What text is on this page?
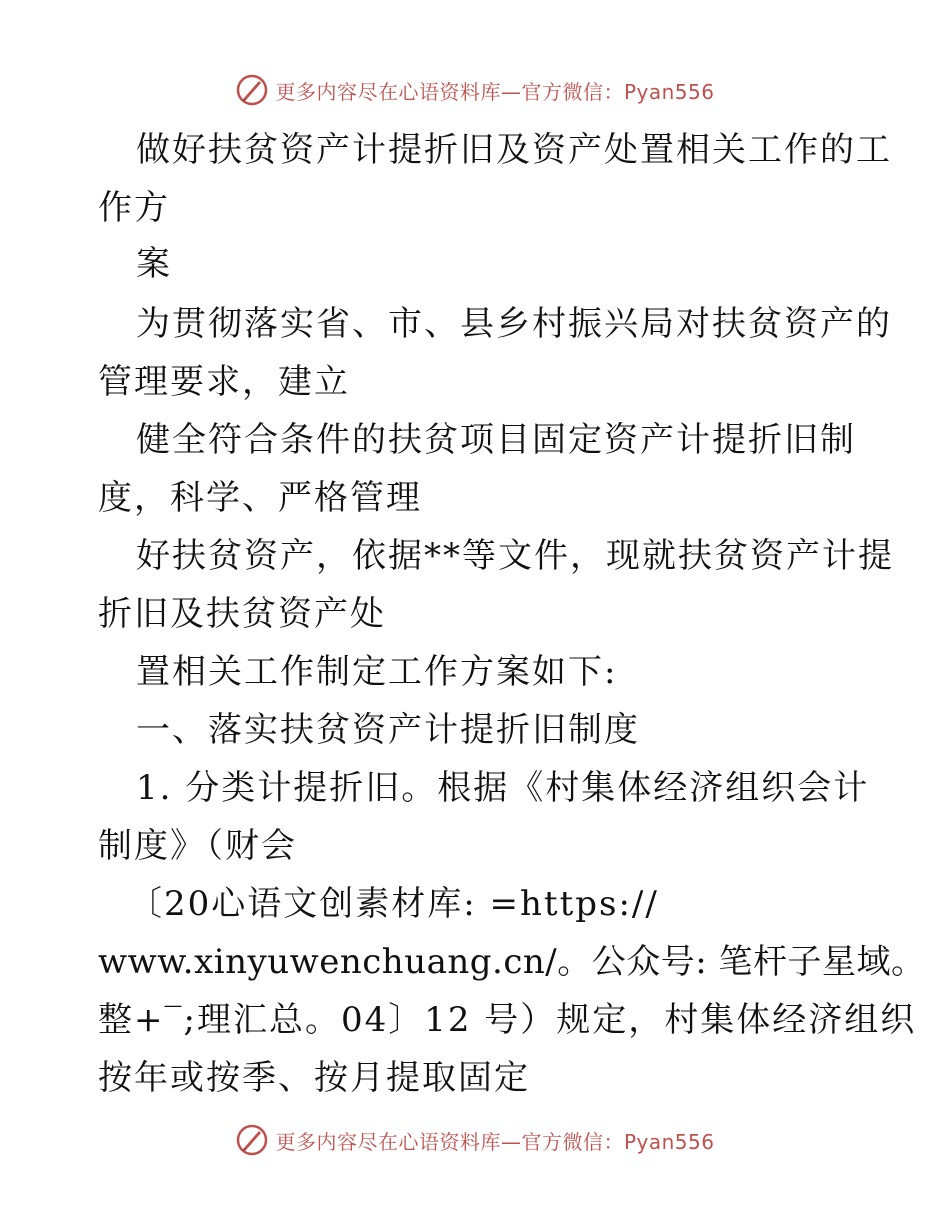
更多内容尽在心语资料库—官方微信：Pyan556
做好扶贫资产计提折旧及资产处置相关工作的工
作方
案
为贯彻落实省、市、县乡村振兴局对扶贫资产的
管理要求，建立
健全符合条件的扶贫项目固定资产计提折旧制
度，科学、严格管理
好扶贫资产，依据**等文件，现就扶贫资产计提
折旧及扶贫资产处
置相关工作制定工作方案如下:
一、落实扶贫资产计提折旧制度
1. 分类计提折旧。根据《村集体经济组织会计
制度》（财会
〔20心语文创素材库: =https://
www.xinyuwenchuang.cn/。公众号: 笔杆子星域。
整+‾;理汇总。04〕12 号）规定，村集体经济组织
按年或按季、按月提取固定
更多内容尽在心语资料库—官方微信：Pyan556
